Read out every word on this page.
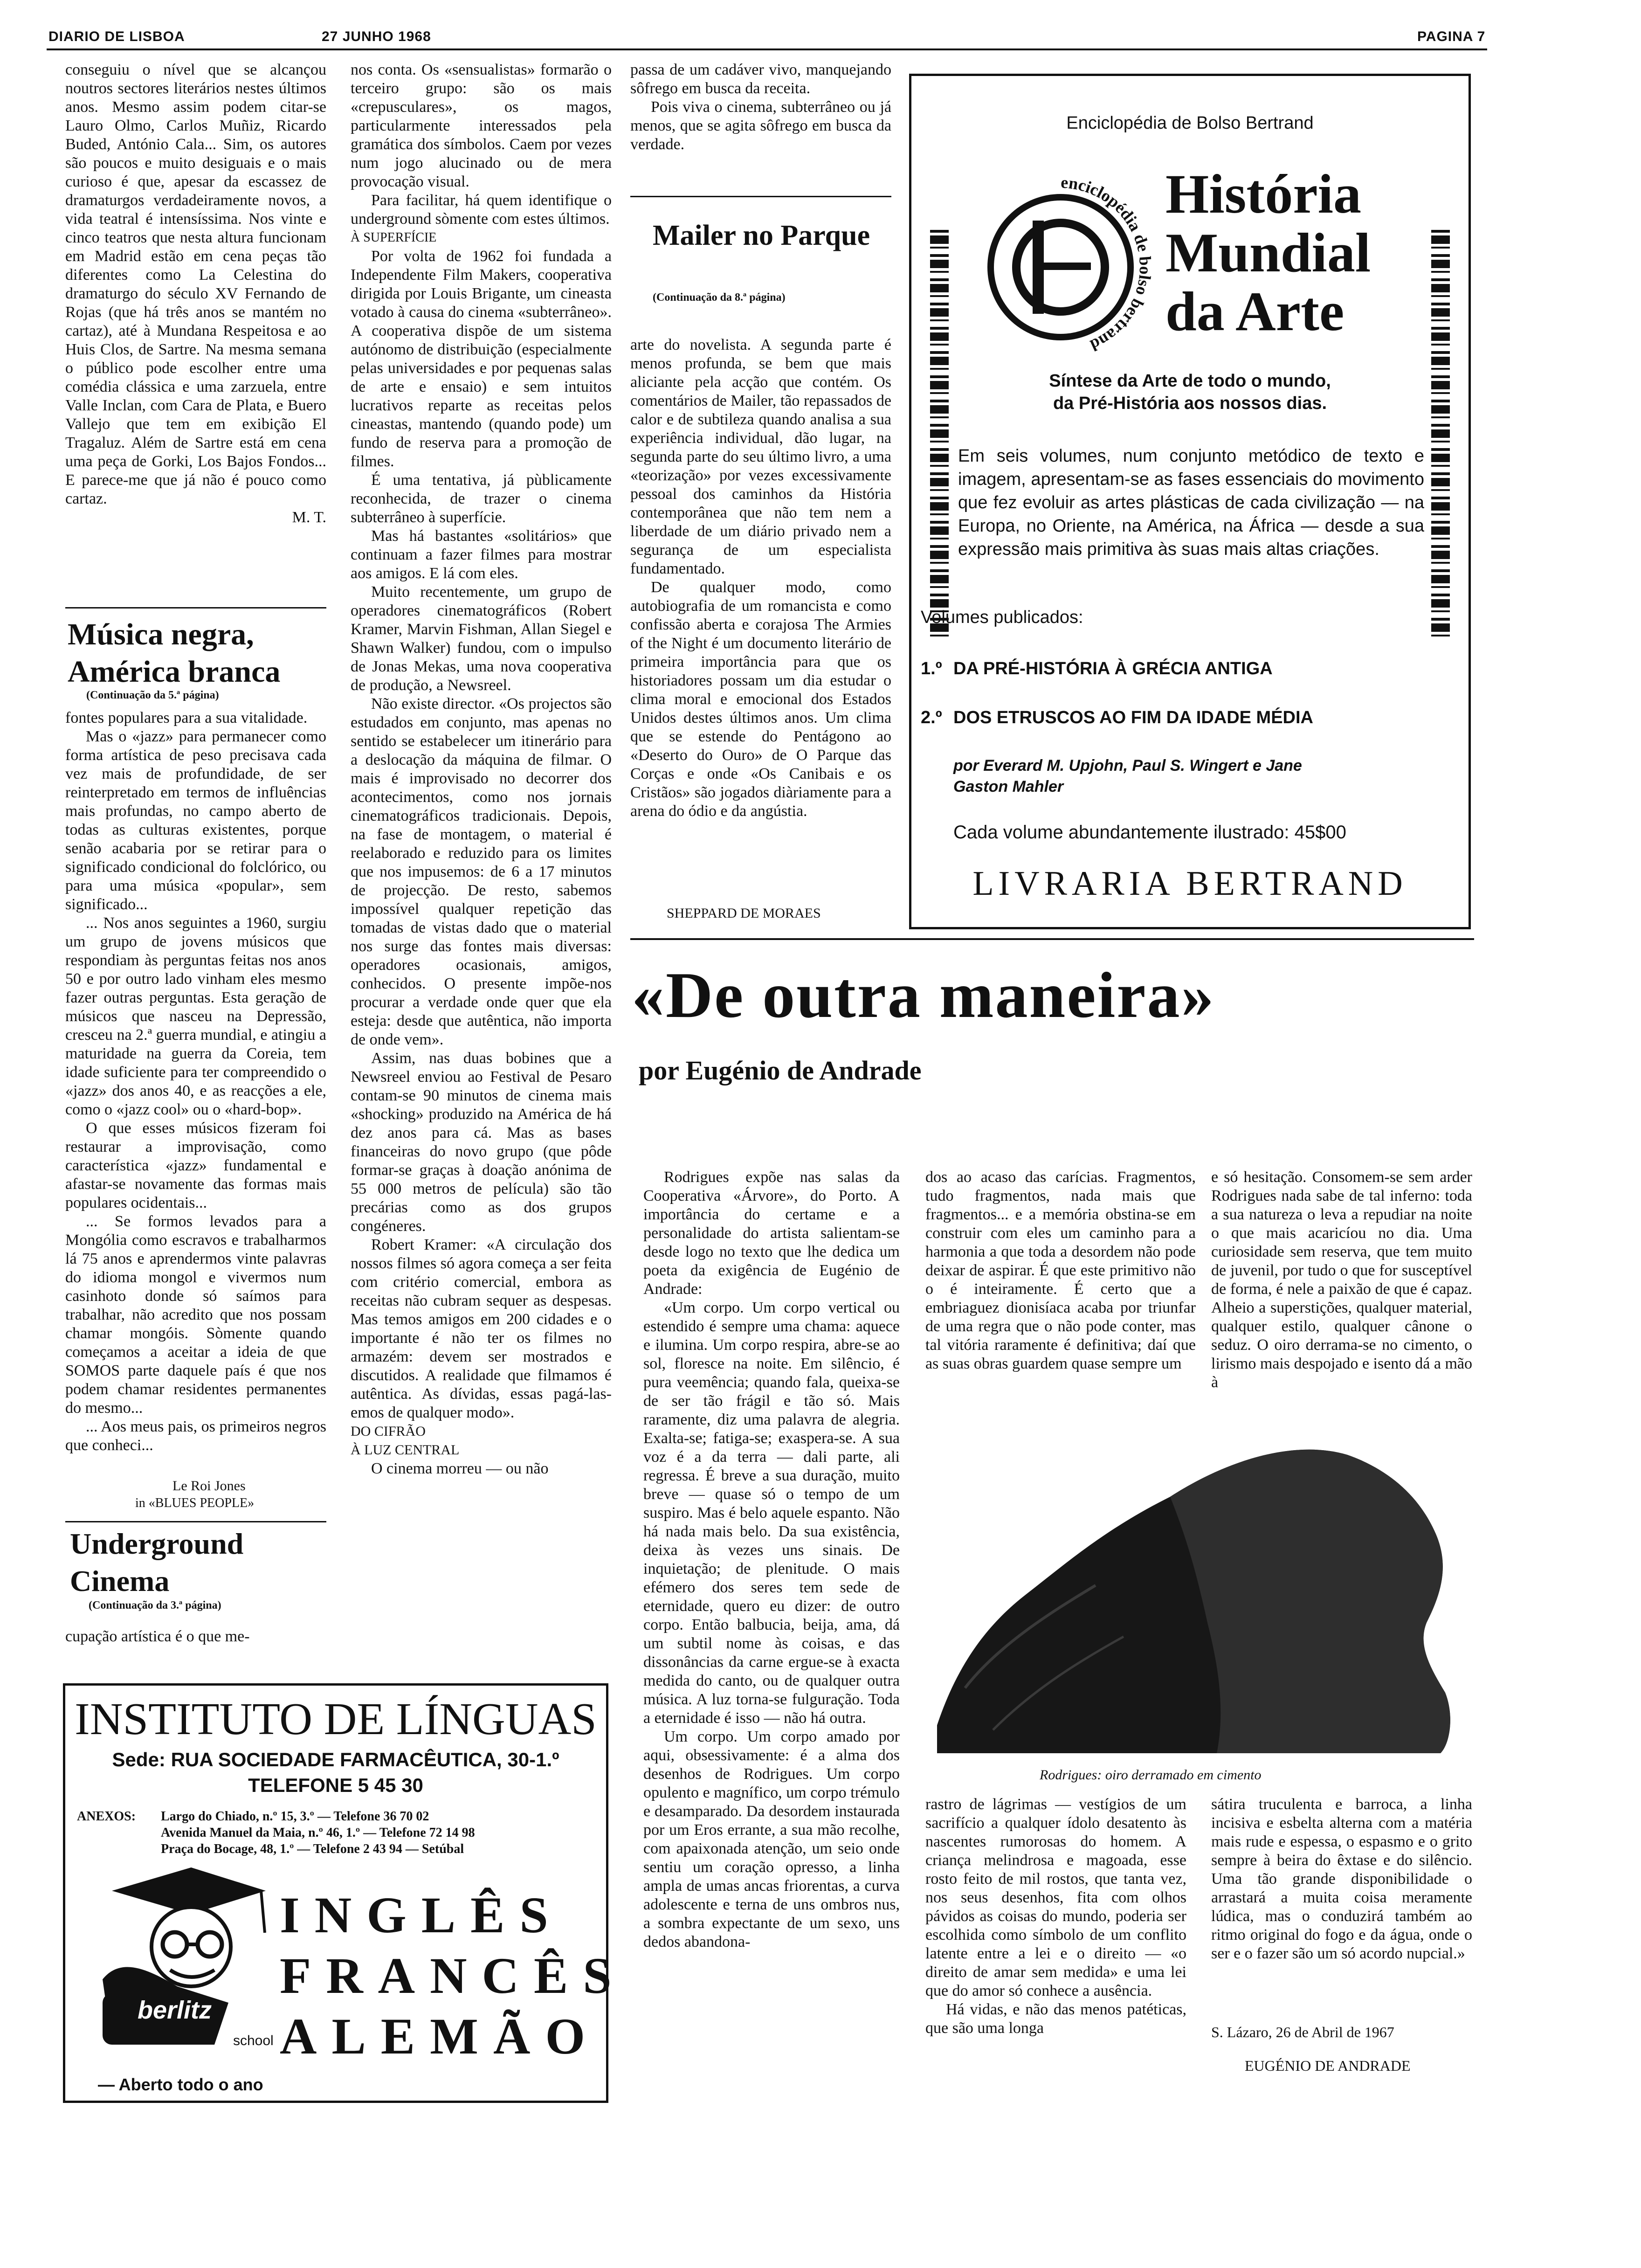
DIARIO DE LISBOA	27 JUNHO 1968	PAGINA 7

conseguiu o nível que se alcançou noutros sectores literários nestes últimos anos. Mesmo assim podem citar-se Lauro Olmo, Carlos Muñiz, Ricardo Buded, António Cala... Sim, os autores são poucos e muito desiguais e o mais curioso é que, apesar da escassez de dramaturgos verdadeiramente novos, a vida teatral é intensíssima. Nos vinte e cinco teatros que nesta altura funcionam em Madrid estão em cena peças tão diferentes como La Celestina do dramaturgo do século XV Fernando de Rojas (que há três anos se mantém no cartaz), até à Mundana Respeitosa e ao Huis Clos, de Sartre. Na mesma semana o público pode escolher entre uma comédia clássica e uma zarzuela, entre Valle Inclan, com Cara de Plata, e Buero Vallejo que tem em exibição El Tragaluz. Além de Sartre está em cena uma peça de Gorki, Los Bajos Fondos... E parece-me que já não é pouco como cartaz.

M. T.

Música negra,
América branca
(Continuação da 5.ª página)

fontes populares para a sua vitalidade.

Mas o «jazz» para permanecer como forma artística de peso precisava cada vez mais de profundidade, de ser reinterpretado em termos de influências mais profundas, no campo aberto de todas as culturas existentes, porque senão acabaria por se retirar para o significado condicional do folclórico, ou para uma música «popular», sem significado...

... Nos anos seguintes a 1960, surgiu um grupo de jovens músicos que respondiam às perguntas feitas nos anos 50 e por outro lado vinham eles mesmo fazer outras perguntas. Esta geração de músicos que nasceu na Depressão, cresceu na 2.ª guerra mundial, e atingiu a maturidade na guerra da Coreia, tem idade suficiente para ter compreendido o «jazz» dos anos 40, e as reacções a ele, como o «jazz cool» ou o «hard-bop».

O que esses músicos fizeram foi restaurar a improvisação, como característica «jazz» fundamental e afastar-se novamente das formas mais populares ocidentais...

... Se formos levados para a Mongólia como escravos e trabalharmos lá 75 anos e aprendermos vinte palavras do idioma mongol e vivermos num casinhoto donde só saímos para trabalhar, não acredito que nos possam chamar mongóis. Sòmente quando começamos a aceitar a ideia de que SOMOS parte daquele país é que nos podem chamar residentes permanentes do mesmo...

... Aos meus pais, os primeiros negros que conheci...

Le Roi Jones
in «BLUES PEOPLE»
Underground
Cinema
(Continuação da 3.ª página)

cupação artística é o que me-

nos conta. Os «sensualistas» formarão o terceiro grupo: são os mais «crepusculares», os magos, particularmente interessados pela gramática dos símbolos. Caem por vezes num jogo alucinado ou de mera provocação visual.

Para facilitar, há quem identifique o underground sòmente com estes últimos.

À SUPERFÍCIE

Por volta de 1962 foi fundada a Independente Film Makers, cooperativa dirigida por Louis Brigante, um cineasta votado à causa do cinema «subterrâneo». A cooperativa dispõe de um sistema autónomo de distribuição (especialmente pelas universidades e por pequenas salas de arte e ensaio) e sem intuitos lucrativos reparte as receitas pelos cineastas, mantendo (quando pode) um fundo de reserva para a promoção de filmes.

É uma tentativa, já pùblicamente reconhecida, de trazer o cinema subterrâneo à superfície.

Mas há bastantes «solitários» que continuam a fazer filmes para mostrar aos amigos. E lá com eles.

Muito recentemente, um grupo de operadores cinematográficos (Robert Kramer, Marvin Fishman, Allan Siegel e Shawn Walker) fundou, com o impulso de Jonas Mekas, uma nova cooperativa de produção, a Newsreel.

Não existe director. «Os projectos são estudados em conjunto, mas apenas no sentido se estabelecer um itinerário para a deslocação da máquina de filmar. O mais é improvisado no decorrer dos acontecimentos, como nos jornais cinematográficos tradicionais. Depois, na fase de montagem, o material é reelaborado e reduzido para os limites que nos impusemos: de 6 a 17 minutos de projecção. De resto, sabemos impossível qualquer repetição das tomadas de vistas dado que o material nos surge das fontes mais diversas: operadores ocasionais, amigos, conhecidos. O presente impõe-nos procurar a verdade onde quer que ela esteja: desde que autêntica, não importa de onde vem».

Assim, nas duas bobines que a Newsreel enviou ao Festival de Pesaro contam-se 90 minutos de cinema mais «shocking» produzido na América de há dez anos para cá. Mas as bases financeiras do novo grupo (que pôde formar-se graças à doação anónima de 55 000 metros de película) são tão precárias como as dos grupos congéneres.

Robert Kramer: «A circulação dos nossos filmes só agora começa a ser feita com critério comercial, embora as receitas não cubram sequer as despesas. Mas temos amigos em 200 cidades e o importante é não ter os filmes no armazém: devem ser mostrados e discutidos. A realidade que filmamos é autêntica. As dívidas, essas pagá-las-emos de qualquer modo».

DO CIFRÃO

À LUZ CENTRAL

O cinema morreu — ou não

passa de um cadáver vivo, manquejando sôfrego em busca da receita.

Pois viva o cinema, subterrâneo ou já menos, que se agita sôfrego em busca da verdade.

Mailer no Parque
(Continuação da 8.ª página)

arte do novelista. A segunda parte é menos profunda, se bem que mais aliciante pela acção que contém. Os comentários de Mailer, tão repassados de calor e de subtileza quando analisa a sua experiência individual, dão lugar, na segunda parte do seu último livro, a uma «teorização» por vezes excessivamente pessoal dos caminhos da História contemporânea que não tem nem a liberdade de um diário privado nem a segurança de um especialista fundamentado.

De qualquer modo, como autobiografia de um romancista e como confissão aberta e corajosa The Armies of the Night é um documento literário de primeira importância para que os historiadores possam um dia estudar o clima moral e emocional dos Estados Unidos destes últimos anos. Um clima que se estende do Pentágono ao «Deserto do Ouro» de O Parque das Corças e onde «Os Canibais e os Cristãos» são jogados diàriamente para a arena do ódio e da angústia.

SHEPPARD DE MORAES
Enciclopédia de Bolso Bertrand
enciclopédia de bolso bertrand
História
Mundial
da Arte
Síntese da Arte de todo o mundo,
da Pré-História aos nossos dias.
Em seis volumes, num conjunto metódico de texto e imagem, apresentam-se as fases essenciais do movimento que fez evoluir as artes plásticas de cada civilização — na Europa, no Oriente, na América, na África — desde a sua expressão mais primitiva às suas mais altas criações.
Volumes publicados:
1.º DA PRÉ-HISTÓRIA À GRÉCIA ANTIGA
2.º DOS ETRUSCOS AO FIM DA IDADE MÉDIA
por Everard M. Upjohn, Paul S. Wingert e Jane
Gaston Mahler
Cada volume abundantemente ilustrado: 45$00
LIVRARIA BERTRAND
«De outra maneira»
por Eugénio de Andrade

Rodrigues expõe nas salas da Cooperativa «Árvore», do Porto. A importância do certame e a personalidade do artista salientam-se desde logo no texto que lhe dedica um poeta da exigência de Eugénio de Andrade:

«Um corpo. Um corpo vertical ou estendido é sempre uma chama: aquece e ilumina. Um corpo respira, abre-se ao sol, floresce na noite. Em silêncio, é pura veemência; quando fala, queixa-se de ser tão frágil e tão só. Mais raramente, diz uma palavra de alegria. Exalta-se; fatiga-se; exaspera-se. A sua voz é a da terra — dali parte, ali regressa. É breve a sua duração, muito breve — quase só o tempo de um suspiro. Mas é belo aquele espanto. Não há nada mais belo. Da sua existência, deixa às vezes uns sinais. De inquietação; de plenitude. O mais efémero dos seres tem sede de eternidade, quero eu dizer: de outro corpo. Então balbucia, beija, ama, dá um subtil nome às coisas, e das dissonâncias da carne ergue-se à exacta medida do canto, ou de qualquer outra música. A luz torna-se fulguração. Toda a eternidade é isso — não há outra.

Um corpo. Um corpo amado por aqui, obsessivamente: é a alma dos desenhos de Rodrigues. Um corpo opulento e magnífico, um corpo trémulo e desamparado. Da desordem instaurada por um Eros errante, a sua mão recolhe, com apaixonada atenção, um seio onde sentiu um coração opresso, a linha ampla de umas ancas friorentas, a curva adolescente e terna de uns ombros nus, a sombra expectante de um sexo, uns dedos abandona-

dos ao acaso das carícias. Fragmentos, tudo fragmentos, nada mais que fragmentos... e a memória obstina-se em construir com eles um caminho para a harmonia a que toda a desordem não pode deixar de aspirar. É que este primitivo não o é inteiramente. É certo que a embriaguez dionisíaca acaba por triunfar de uma regra que o não pode conter, mas tal vitória raramente é definitiva; daí que as suas obras guardem quase sempre um

e só hesitação. Consomem-se sem arder Rodrigues nada sabe de tal inferno: toda a sua natureza o leva a repudiar na noite o que mais acaricíou no dia. Uma curiosidade sem reserva, que tem muito de juvenil, por tudo o que for susceptível de forma, é nele a paixão de que é capaz. Alheio a superstições, qualquer material, qualquer estilo, qualquer cânone o seduz. O oiro derrama-se no cimento, o lirismo mais despojado e isento dá a mão à

Rodrigues: oiro derramado em cimento

rastro de lágrimas — vestígios de um sacrifício a qualquer ídolo desatento às nascentes rumorosas do homem. A criança melindrosa e magoada, esse rosto feito de mil rostos, que tanta vez, nos seus desenhos, fita com olhos pávidos as coisas do mundo, poderia ser escolhida como símbolo de um conflito latente entre a lei e o direito — «o direito de amar sem medida» e uma lei que do amor só conhece a ausência.

Há vidas, e não das menos patéticas, que são uma longa

sátira truculenta e barroca, a linha incisiva e esbelta alterna com a matéria mais rude e espessa, o espasmo e o grito sempre à beira do êxtase e do silêncio. Uma tão grande disponibilidade o arrastará a muita coisa meramente lúdica, mas o conduzirá também ao ritmo original do fogo e da água, onde o ser e o fazer são um só acordo nupcial.»

S. Lázaro, 26 de Abril de 1967
EUGÉNIO DE ANDRADE
INSTITUTO DE LÍNGUAS
Sede: RUA SOCIEDADE FARMACÊUTICA, 30-1.º
TELEFONE 5 45 30
ANEXOS: Largo do Chiado, n.º 15, 3.º — Telefone 36 70 02
Avenida Manuel da Maia, n.º 46, 1.º — Telefone 72 14 98
Praça do Bocage, 48, 1.º — Telefone 2 43 94 — Setúbal
berlitz
school
INGLÊS
FRANCÊS
ALEMÃO
— Aberto todo o ano
